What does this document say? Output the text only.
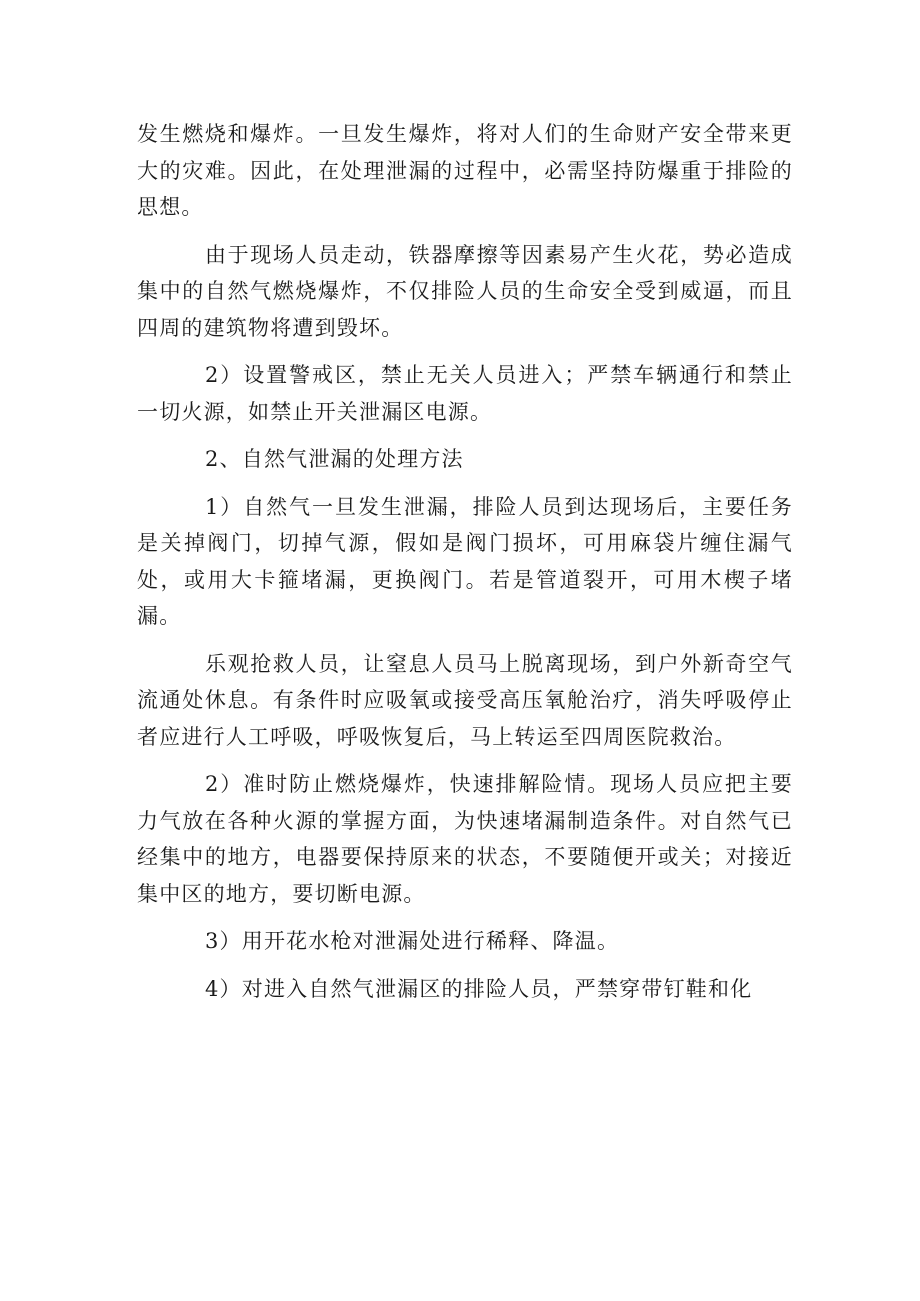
发生燃烧和爆炸。一旦发生爆炸，将对人们的生命财产安全带来更大的灾难。因此，在处理泄漏的过程中，必需坚持防爆重于排险的思想。

由于现场人员走动，铁器摩擦等因素易产生火花，势必造成集中的自然气燃烧爆炸，不仅排险人员的生命安全受到威逼，而且四周的建筑物将遭到毁坏。

2）设置警戒区，禁止无关人员进入；严禁车辆通行和禁止一切火源，如禁止开关泄漏区电源。

2、自然气泄漏的处理方法

1）自然气一旦发生泄漏，排险人员到达现场后，主要任务是关掉阀门，切掉气源，假如是阀门损坏，可用麻袋片缠住漏气处，或用大卡箍堵漏，更换阀门。若是管道裂开，可用木楔子堵漏。

乐观抢救人员，让窒息人员马上脱离现场，到户外新奇空气流通处休息。有条件时应吸氧或接受高压氧舱治疗，消失呼吸停止者应进行人工呼吸，呼吸恢复后，马上转运至四周医院救治。

2）准时防止燃烧爆炸，快速排解险情。现场人员应把主要力气放在各种火源的掌握方面，为快速堵漏制造条件。对自然气已经集中的地方，电器要保持原来的状态，不要随便开或关；对接近集中区的地方，要切断电源。

3）用开花水枪对泄漏处进行稀释、降温。

4）对进入自然气泄漏区的排险人员，严禁穿带钉鞋和化
